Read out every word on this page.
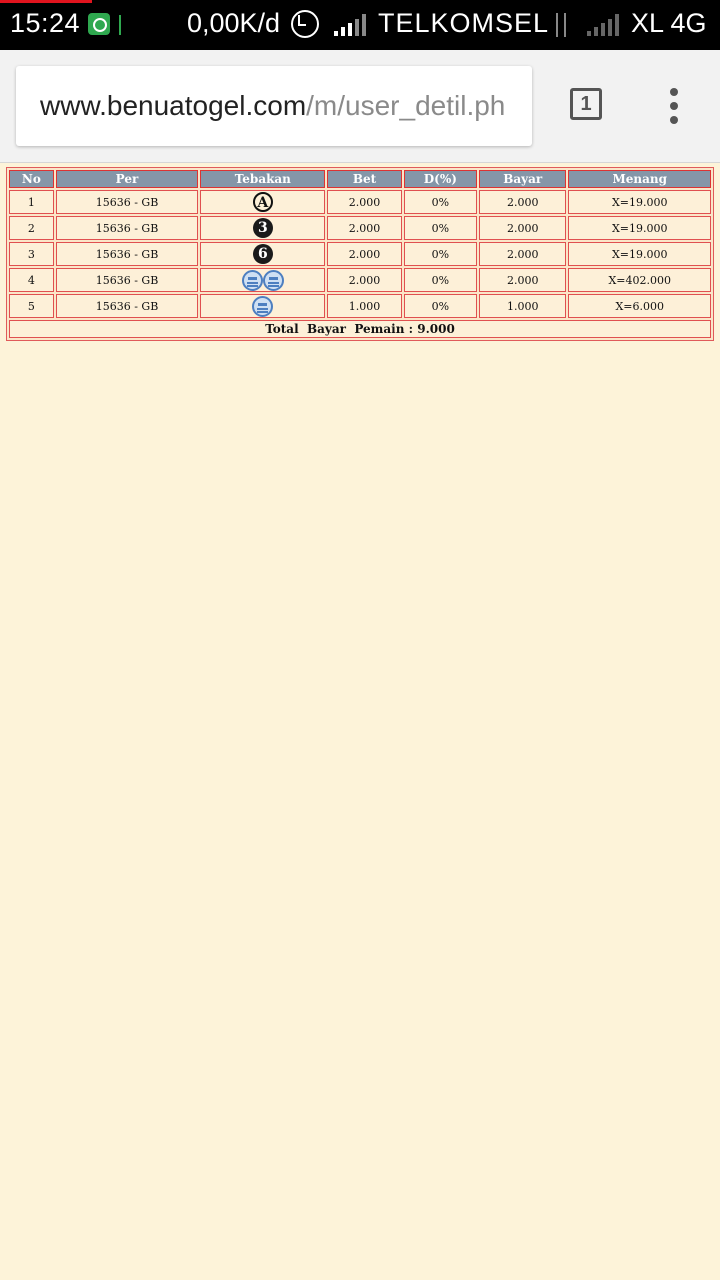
15:24	0,00K/d	TELKOMSEL	XL 4G
www.benuatogel.com/m/user_detil.ph	1
No	Per	Tebakan	Bet	D(%)	Bayar	Menang
1	15636 - GB	A	2.000	0%	2.000	X=19.000
2	15636 - GB	3	2.000	0%	2.000	X=19.000
3	15636 - GB	6	2.000	0%	2.000	X=19.000
4	15636 - GB		2.000	0%	2.000	X=402.000
5	15636 - GB		1.000	0%	1.000	X=6.000
Total  Bayar  Pemain : 9.000						
